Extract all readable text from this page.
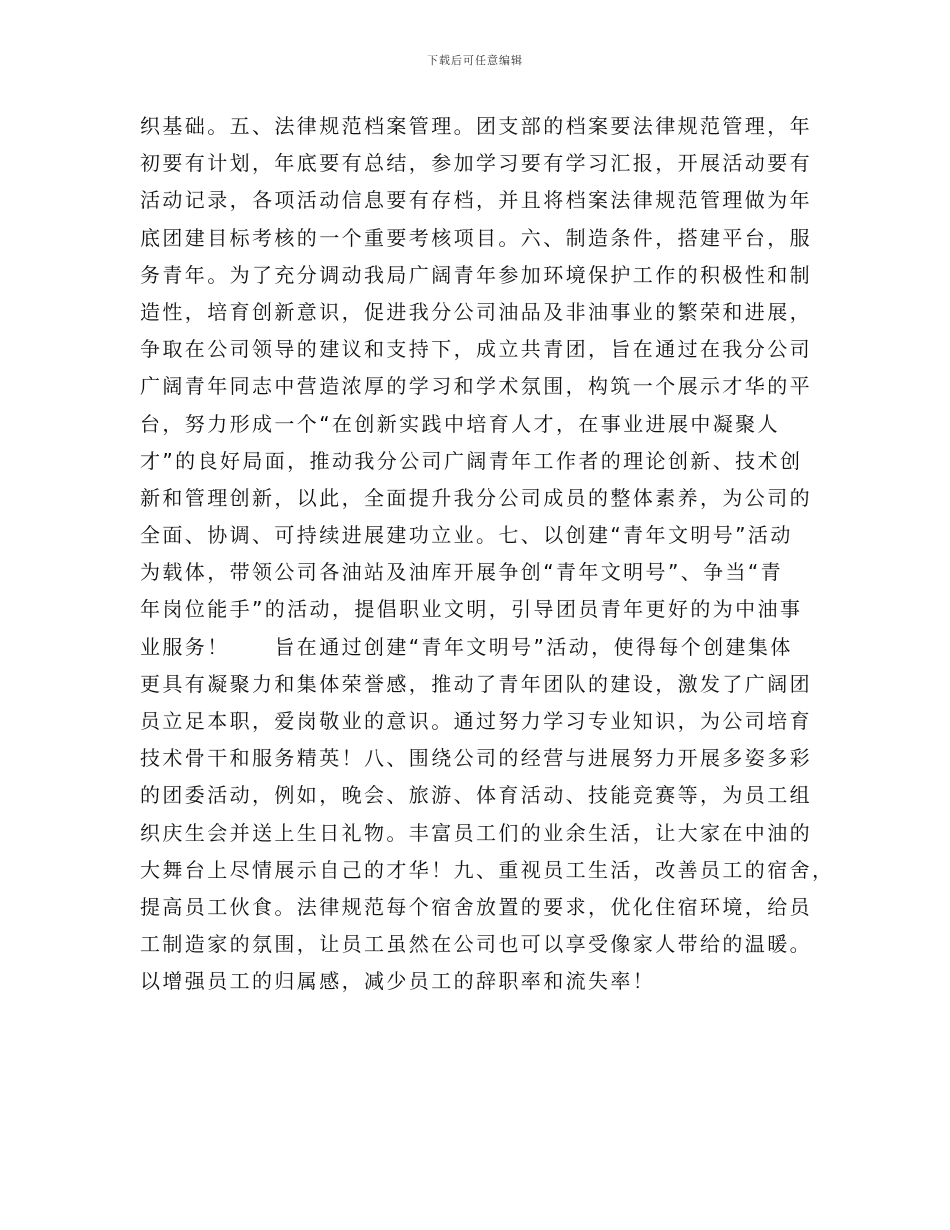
下载后可任意编辑
织基础。五、法律规范档案管理。团支部的档案要法律规范管理，年
初要有计划，年底要有总结，参加学习要有学习汇报，开展活动要有
活动记录，各项活动信息要有存档，并且将档案法律规范管理做为年
底团建目标考核的一个重要考核项目。六、制造条件，搭建平台，服
务青年。为了充分调动我局广阔青年参加环境保护工作的积极性和制
造性，培育创新意识，促进我分公司油品及非油事业的繁荣和进展，
争取在公司领导的建议和支持下，成立共青团，旨在通过在我分公司
广阔青年同志中营造浓厚的学习和学术氛围，构筑一个展示才华的平
台，努力形成一个“在创新实践中培育人才，在事业进展中凝聚人
才”的良好局面，推动我分公司广阔青年工作者的理论创新、技术创
新和管理创新，以此，全面提升我分公司成员的整体素养，为公司的
全面、协调、可持续进展建功立业。七、以创建“青年文明号”活动
为载体，带领公司各油站及油库开展争创“青年文明号”、争当“青
年岗位能手”的活动，提倡职业文明，引导团员青年更好的为中油事
业服务！　　旨在通过创建“青年文明号”活动，使得每个创建集体
更具有凝聚力和集体荣誉感，推动了青年团队的建设，激发了广阔团
员立足本职，爱岗敬业的意识。通过努力学习专业知识，为公司培育
技术骨干和服务精英！八、围绕公司的经营与进展努力开展多姿多彩
的团委活动，例如，晚会、旅游、体育活动、技能竞赛等，为员工组
织庆生会并送上生日礼物。丰富员工们的业余生活，让大家在中油的
大舞台上尽情展示自己的才华！九、重视员工生活，改善员工的宿舍，
提高员工伙食。法律规范每个宿舍放置的要求，优化住宿环境，给员
工制造家的氛围，让员工虽然在公司也可以享受像家人带给的温暖。
以增强员工的归属感，减少员工的辞职率和流失率！
